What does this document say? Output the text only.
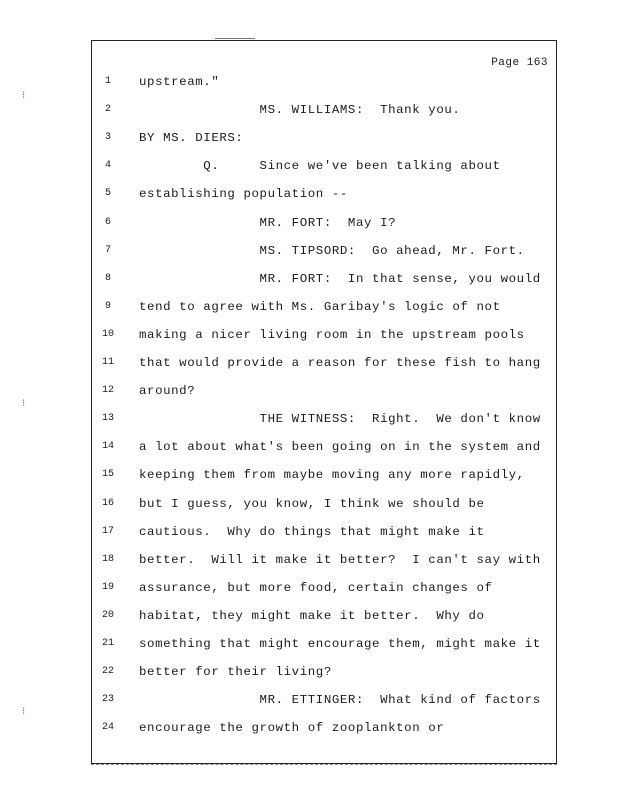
⁝
⁝
⁝
Page 163
1	upstream."
2	MS. WILLIAMS:  Thank you.
3	BY MS. DIERS:
4	Q.     Since we've been talking about
5	establishing population --
6	MR. FORT:  May I?
7	MS. TIPSORD:  Go ahead, Mr. Fort.
8	MR. FORT:  In that sense, you would
9	tend to agree with Ms. Garibay's logic of not
10	making a nicer living room in the upstream pools
11	that would provide a reason for these fish to hang
12	around?
13	THE WITNESS:  Right.  We don't know
14	a lot about what's been going on in the system and
15	keeping them from maybe moving any more rapidly,
16	but I guess, you know, I think we should be
17	cautious.  Why do things that might make it
18	better.  Will it make it better?  I can't say with
19	assurance, but more food, certain changes of
20	habitat, they might make it better.  Why do
21	something that might encourage them, might make it
22	better for their living?
23	MR. ETTINGER:  What kind of factors
24	encourage the growth of zooplankton or
